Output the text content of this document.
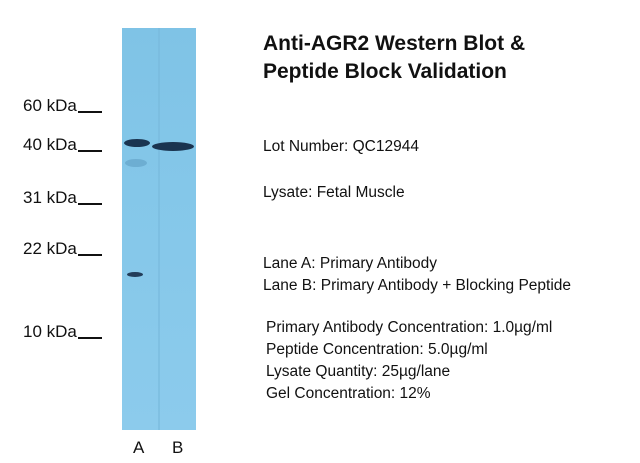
Anti-AGR2 Western Blot &
Peptide Block Validation
60 kDa
40 kDa
31 kDa
22 kDa
10 kDa
A B
Lot Number: QC12944
Lysate: Fetal Muscle
Lane A: Primary Antibody
Lane B: Primary Antibody + Blocking Peptide
Primary Antibody Concentration: 1.0µg/ml
Peptide Concentration: 5.0µg/ml
Lysate Quantity: 25µg/lane
Gel Concentration: 12%
